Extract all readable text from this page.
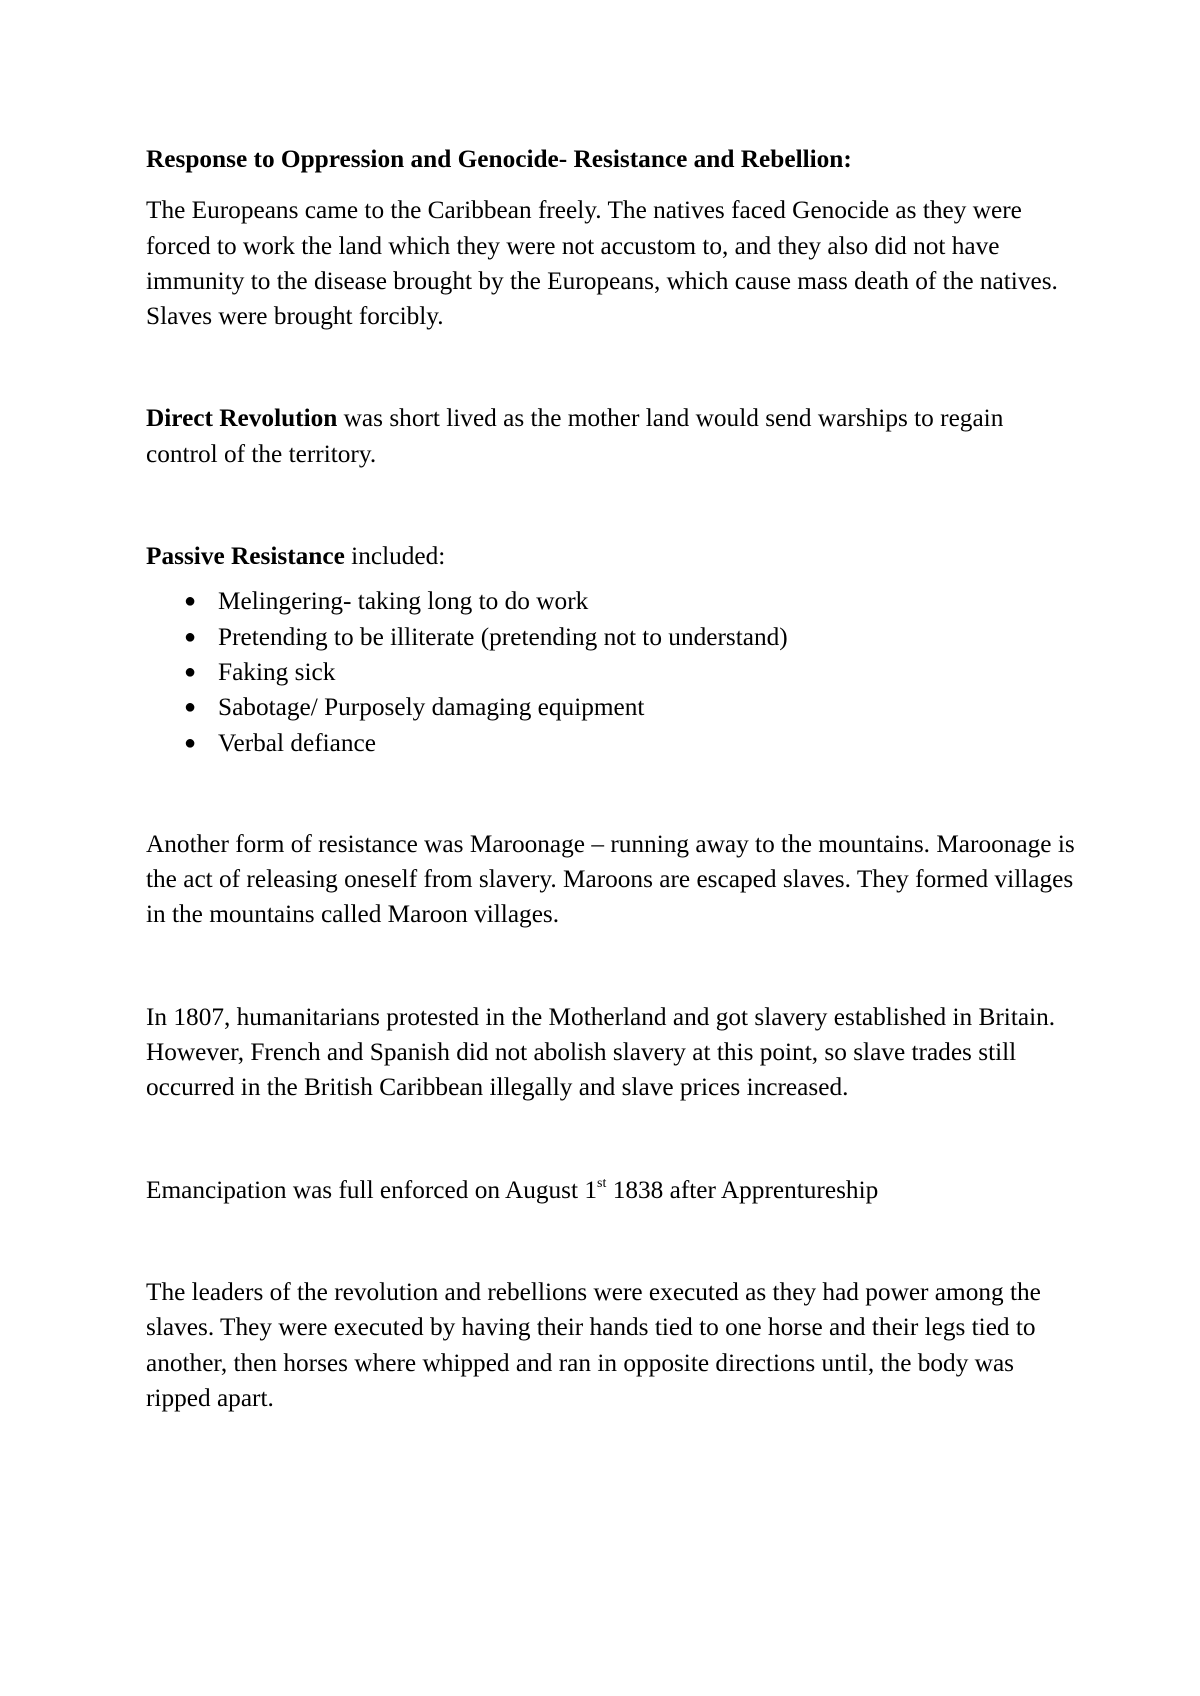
Response to Oppression and Genocide- Resistance and Rebellion:

The Europeans came to the Caribbean freely. The natives faced Genocide as they were forced to work the land which they were not accustom to, and they also did not have immunity to the disease brought by the Europeans, which cause mass death of the natives. Slaves were brought forcibly.

Direct Revolution was short lived as the mother land would send warships to regain control of the territory.

Passive Resistance included:

● Melingering- taking long to do work
● Pretending to be illiterate (pretending not to understand)
● Faking sick
● Sabotage/ Purposely damaging equipment
● Verbal defiance

Another form of resistance was Maroonage – running away to the mountains. Maroonage is the act of releasing oneself from slavery. Maroons are escaped slaves. They formed villages in the mountains called Maroon villages.

In 1807, humanitarians protested in the Motherland and got slavery established in Britain. However, French and Spanish did not abolish slavery at this point, so slave trades still occurred in the British Caribbean illegally and slave prices increased.

Emancipation was full enforced on August 1st 1838 after Apprentureship

The leaders of the revolution and rebellions were executed as they had power among the slaves. They were executed by having their hands tied to one horse and their legs tied to another, then horses where whipped and ran in opposite directions until, the body was ripped apart.
